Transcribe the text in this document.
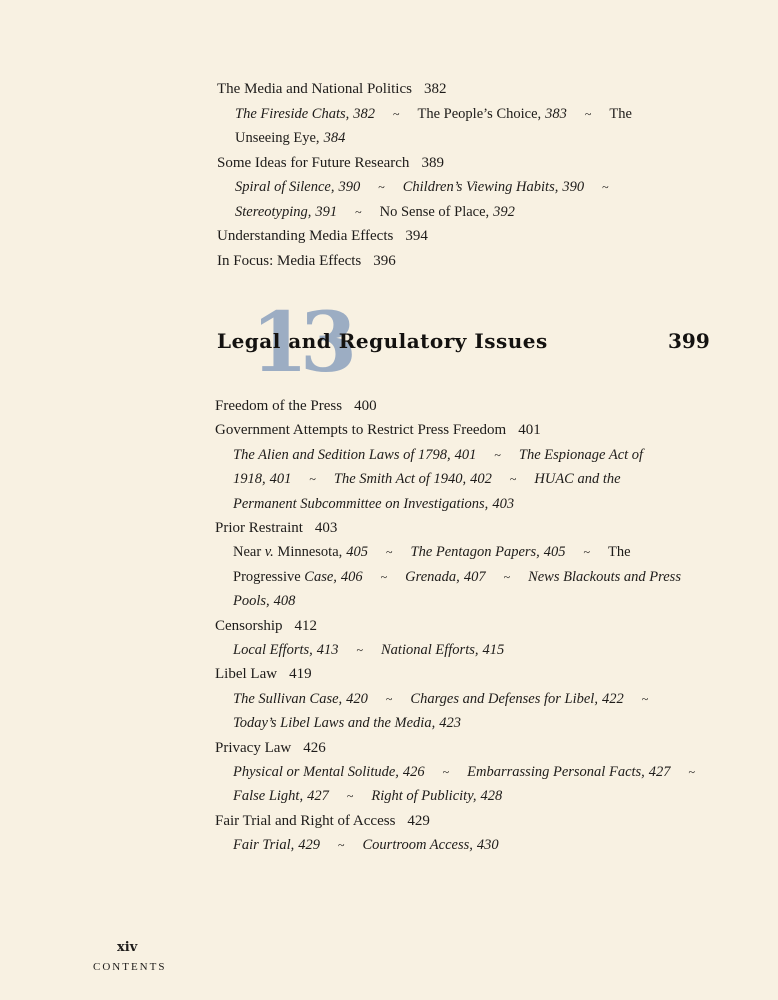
The Media and National Politics 382
The Fireside Chats, 382 ~ The People’s Choice, 383 ~ The
Unseeing Eye, 384
Some Ideas for Future Research 389
Spiral of Silence, 390 ~ Children’s Viewing Habits, 390 ~
Stereotyping, 391 ~ No Sense of Place, 392
Understanding Media Effects 394
In Focus: Media Effects 396
13
Legal and Regulatory Issues	399
Freedom of the Press 400
Government Attempts to Restrict Press Freedom 401
The Alien and Sedition Laws of 1798, 401 ~ The Espionage Act of
1918, 401 ~ The Smith Act of 1940, 402 ~ HUAC and the
Permanent Subcommittee on Investigations, 403
Prior Restraint 403
Near v. Minnesota, 405 ~ The Pentagon Papers, 405 ~ The
Progressive Case, 406 ~ Grenada, 407 ~ News Blackouts and Press
Pools, 408
Censorship 412
Local Efforts, 413 ~ National Efforts, 415
Libel Law 419
The Sullivan Case, 420 ~ Charges and Defenses for Libel, 422 ~
Today’s Libel Laws and the Media, 423
Privacy Law 426
Physical or Mental Solitude, 426 ~ Embarrassing Personal Facts, 427 ~
False Light, 427 ~ Right of Publicity, 428
Fair Trial and Right of Access 429
Fair Trial, 429 ~ Courtroom Access, 430
xiv
CONTENTS
